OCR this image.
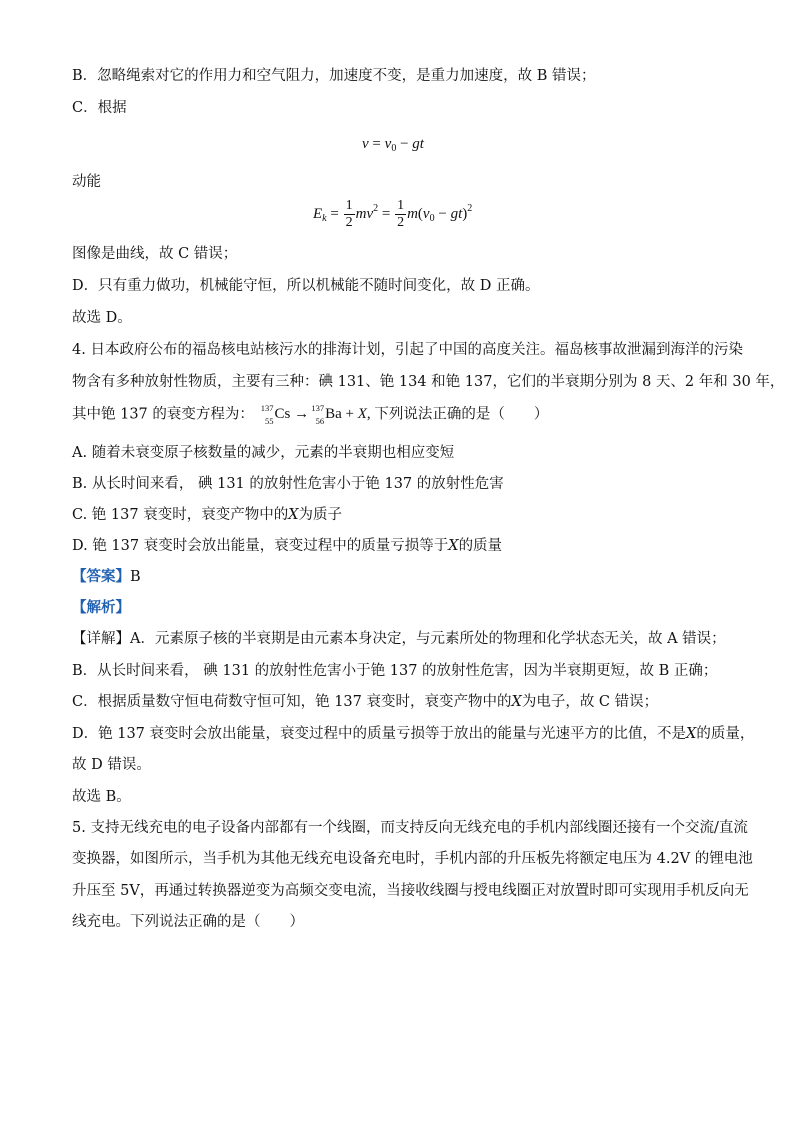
B．忽略绳索对它的作用力和空气阻力，加速度不变，是重力加速度，故 B 错误；
C．根据
$v = v_0$ − gt
动能
$E_k = \frac{1}{2} mv^2 = \frac{1}{2} m(v_0 - gt)^2$
图像是曲线，故 C 错误；
D．只有重力做功，机械能守恒，所以机械能不随时间变化，故 D 正确。
故选 D。
4. 日本政府公布的福岛核电站核污水的排海计划，引起了中国的高度关注。福岛核事故泄漏到海洋的污染
物含有多种放射性物质，主要有三种：碘 131、铯 134 和铯 137，它们的半衰期分别为 8 天、2 年和 30 年，
其中铯 137 的衰变方程为： 137
55 Cs → 137
56 Ba + X, 下列说法正确的是（　　）
A. 随着未衰变原子核数量的减少，元素的半衰期也相应变短
B. 从长时间来看， 碘 131 的放射性危害小于铯 137 的放射性危害
C. 铯 137 衰变时，衰变产物中的X为质子
D. 铯 137 衰变时会放出能量，衰变过程中的质量亏损等于X的质量
【答案】B
【解析】
【详解】A．元素原子核的半衰期是由元素本身决定，与元素所处的物理和化学状态无关，故 A 错误；
B．从长时间来看， 碘 131 的放射性危害小于铯 137 的放射性危害，因为半衰期更短，故 B 正确；
C．根据质量数守恒电荷数守恒可知，铯 137 衰变时，衰变产物中的X为电子，故 C 错误；
D．铯 137 衰变时会放出能量，衰变过程中的质量亏损等于放出的能量与光速平方的比值，不是X的质量，
故 D 错误。
故选 B。
5. 支持无线充电的电子设备内部都有一个线圈，而支持反向无线充电的手机内部线圈还接有一个交流/直流
变换器，如图所示，当手机为其他无线充电设备充电时，手机内部的升压板先将额定电压为 4.2V 的锂电池
升压至 5V，再通过转换器逆变为高频交变电流，当接收线圈与授电线圈正对放置时即可实现用手机反向无
线充电。下列说法正确的是（　　）
